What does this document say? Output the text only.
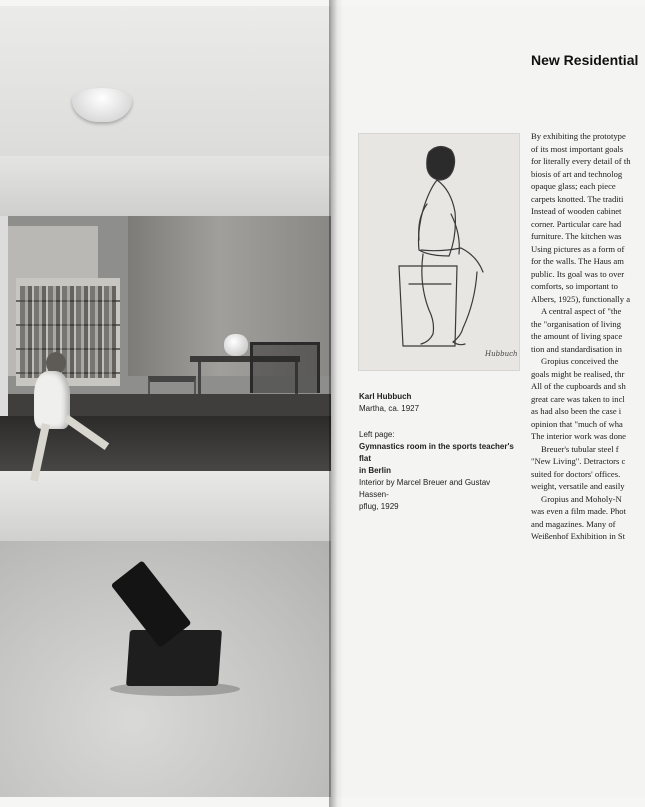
New Residential
Hubbuch
Karl Hubbuch
Martha, ca. 1927
Left page:
Gymnastics room in the sports teacher's flat
in Berlin
Interior by Marcel Breuer and Gustav Hassen-
pflug, 1929

By exhibiting the prototype

of its most important goals

for literally every detail of th

biosis of art and technolog

opaque glass; each piece

carpets knotted. The traditi

Instead of wooden cabinet

corner. Particular care had

furniture. The kitchen was

Using pictures as a form of

for the walls. The Haus am

public. Its goal was to over

comforts, so important to

Albers, 1925), functionally a

A central aspect of "the

the "organisation of living

the amount of living space

tion and standardisation in

Gropius conceived the

goals might be realised, thr

All of the cupboards and sh

great care was taken to incl

as had also been the case i

opinion that "much of wha

The interior work was done

Breuer's tubular steel f

"New Living". Detractors c

suited for doctors' offices.

weight, versatile and easily

Gropius and Moholy-N

was even a film made. Phot

and magazines. Many of

Weißenhof Exhibition in St
